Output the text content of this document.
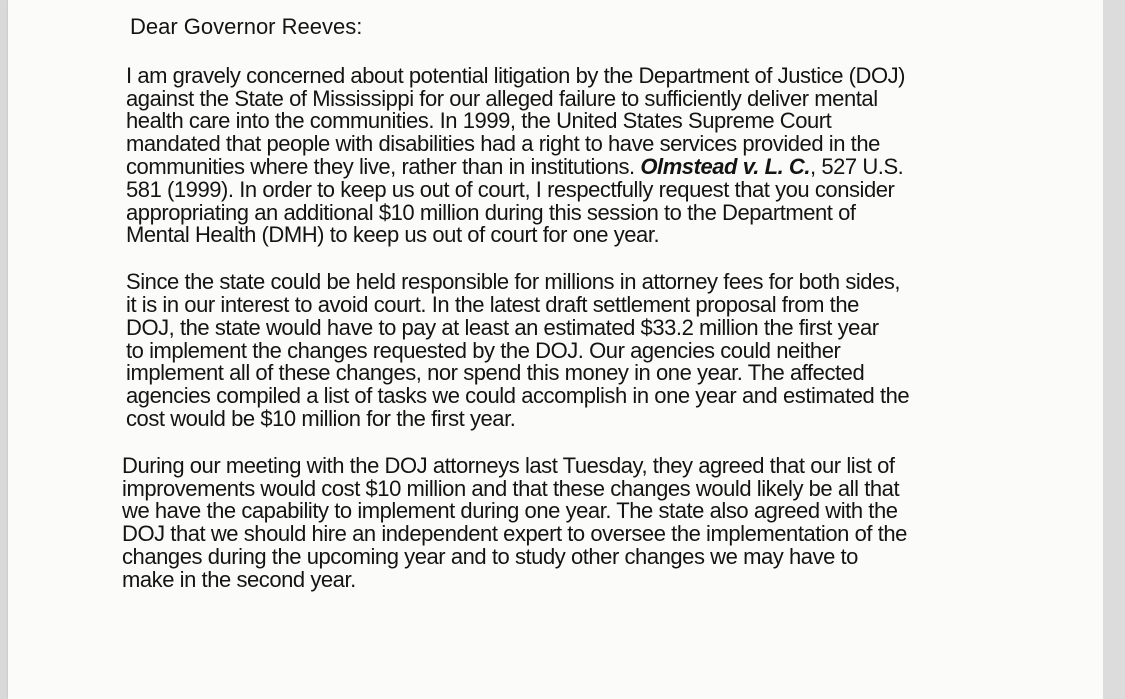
Dear Governor Reeves:
I am gravely concerned about potential litigation by the Department of Justice (DOJ)
against the State of Mississippi for our alleged failure to sufficiently deliver mental
health care into the communities. In 1999, the United States Supreme Court
mandated that people with disabilities had a right to have services provided in the
communities where they live, rather than in institutions. Olmstead v. L. C., 527 U.S.
581 (1999). In order to keep us out of court, I respectfully request that you consider
appropriating an additional $10 million during this session to the Department of
Mental Health (DMH) to keep us out of court for one year.
Since the state could be held responsible for millions in attorney fees for both sides,
it is in our interest to avoid court. In the latest draft settlement proposal from the
DOJ, the state would have to pay at least an estimated $33.2 million the first year
to implement the changes requested by the DOJ. Our agencies could neither
implement all of these changes, nor spend this money in one year. The affected
agencies compiled a list of tasks we could accomplish in one year and estimated the
cost would be $10 million for the first year.
During our meeting with the DOJ attorneys last Tuesday, they agreed that our list of
improvements would cost $10 million and that these changes would likely be all that
we have the capability to implement during one year. The state also agreed with the
DOJ that we should hire an independent expert to oversee the implementation of the
changes during the upcoming year and to study other changes we may have to
make in the second year.
